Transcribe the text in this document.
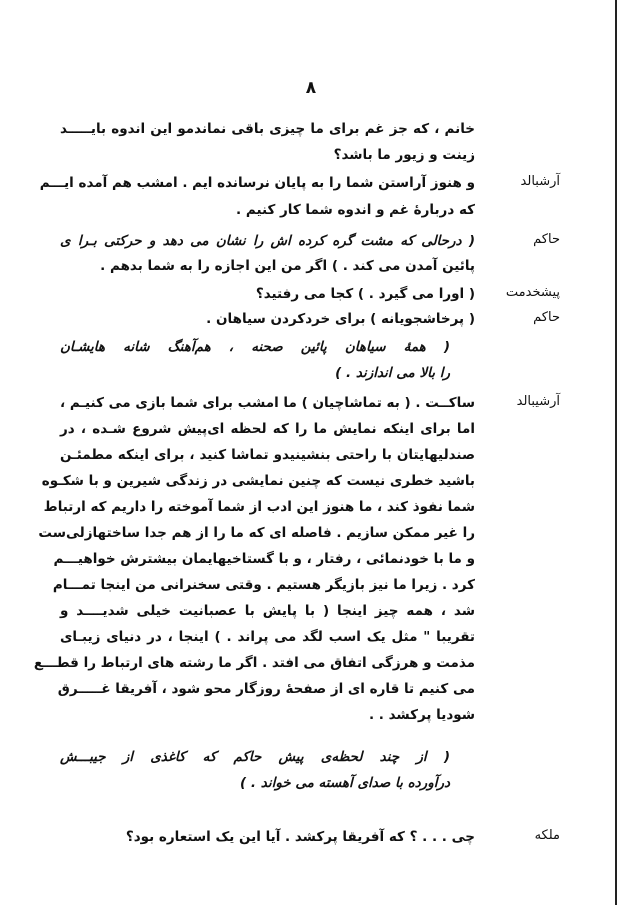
۸
آرشبالد
حاکم
پیشخدمت
حاکم
آرشیبالد
ملکه
خانم ، که جز غم برای ما چیزی باقی نماندمو این اندوه بایـــــد
زینت و زیور ما باشد؟
و هنوز آراستن شما را به پایان نرسانده ایم . امشب هم آمده ایـــم
که دربارهٔ غم و اندوه شما کار کنیم .
( درحالی که مشت گره کرده اش را نشان می دهد و حرکتی بـرا ی
پائین آمدن می کند . ) اگر من این اجازه را به شما بدهم .
( اورا می گیرد . ) کجا می رفتید؟
( پرخاشجویانه ) برای خردکردن سیاهان .
( همهٔ سیاهان پائین صحنه ، هم‌آهنگ شانه هایشـان
را بالا می اندازند . )
ساکــت . ( به تماشاچیان ) ما امشب برای شما بازی می کنیـم ،
اما برای اینکه نمایش ما را که لحظه ای‌پیش شروع شـده ، در
صندلیهایتان با راحتی بنشینیدو تماشا کنید ، برای اینکه مطمئـن
باشید خطری نیست که چنین نمایشی در زندگی شیرین و با شکـوه
شما نفوذ کند ، ما هنوز این ادب از شما آموخته را داریم که ارتباط
را غیر ممکن سازیم . فاصله ای که ما را از هم جدا ساختهازلی‌ست
و ما با خودنمائی ، رفتار ، و با گستاخیهایمان بیشترش خواهیـــم
کرد . زیرا ما نیز بازیگر هستیم . وقتی سخنرانی من اینجا تمـــام
شد ، همه چیز اینجا ( با پایش با عصبانیت خیلی شدیــــد و
تقریبا " مثل یک اسب لگد می پراند . ) اینجا ، در دنیای زیبـای
مذمت و هرزگی اتفاق می افتد . اگر ما رشته های ارتباط را قطـــع
می کنیم تا قاره ای از صفحهٔ روزگار محو شود ، آفریقا غـــــرق
شودیا پرکشد . .
( از چند لحظه‌ی پیش حاکم که کاغذی از جیبـــش
درآورده با صدای آهسته می خواند . )
چی . . . ؟ که آفریقا پرکشد . آیا این یک استعاره بود؟
